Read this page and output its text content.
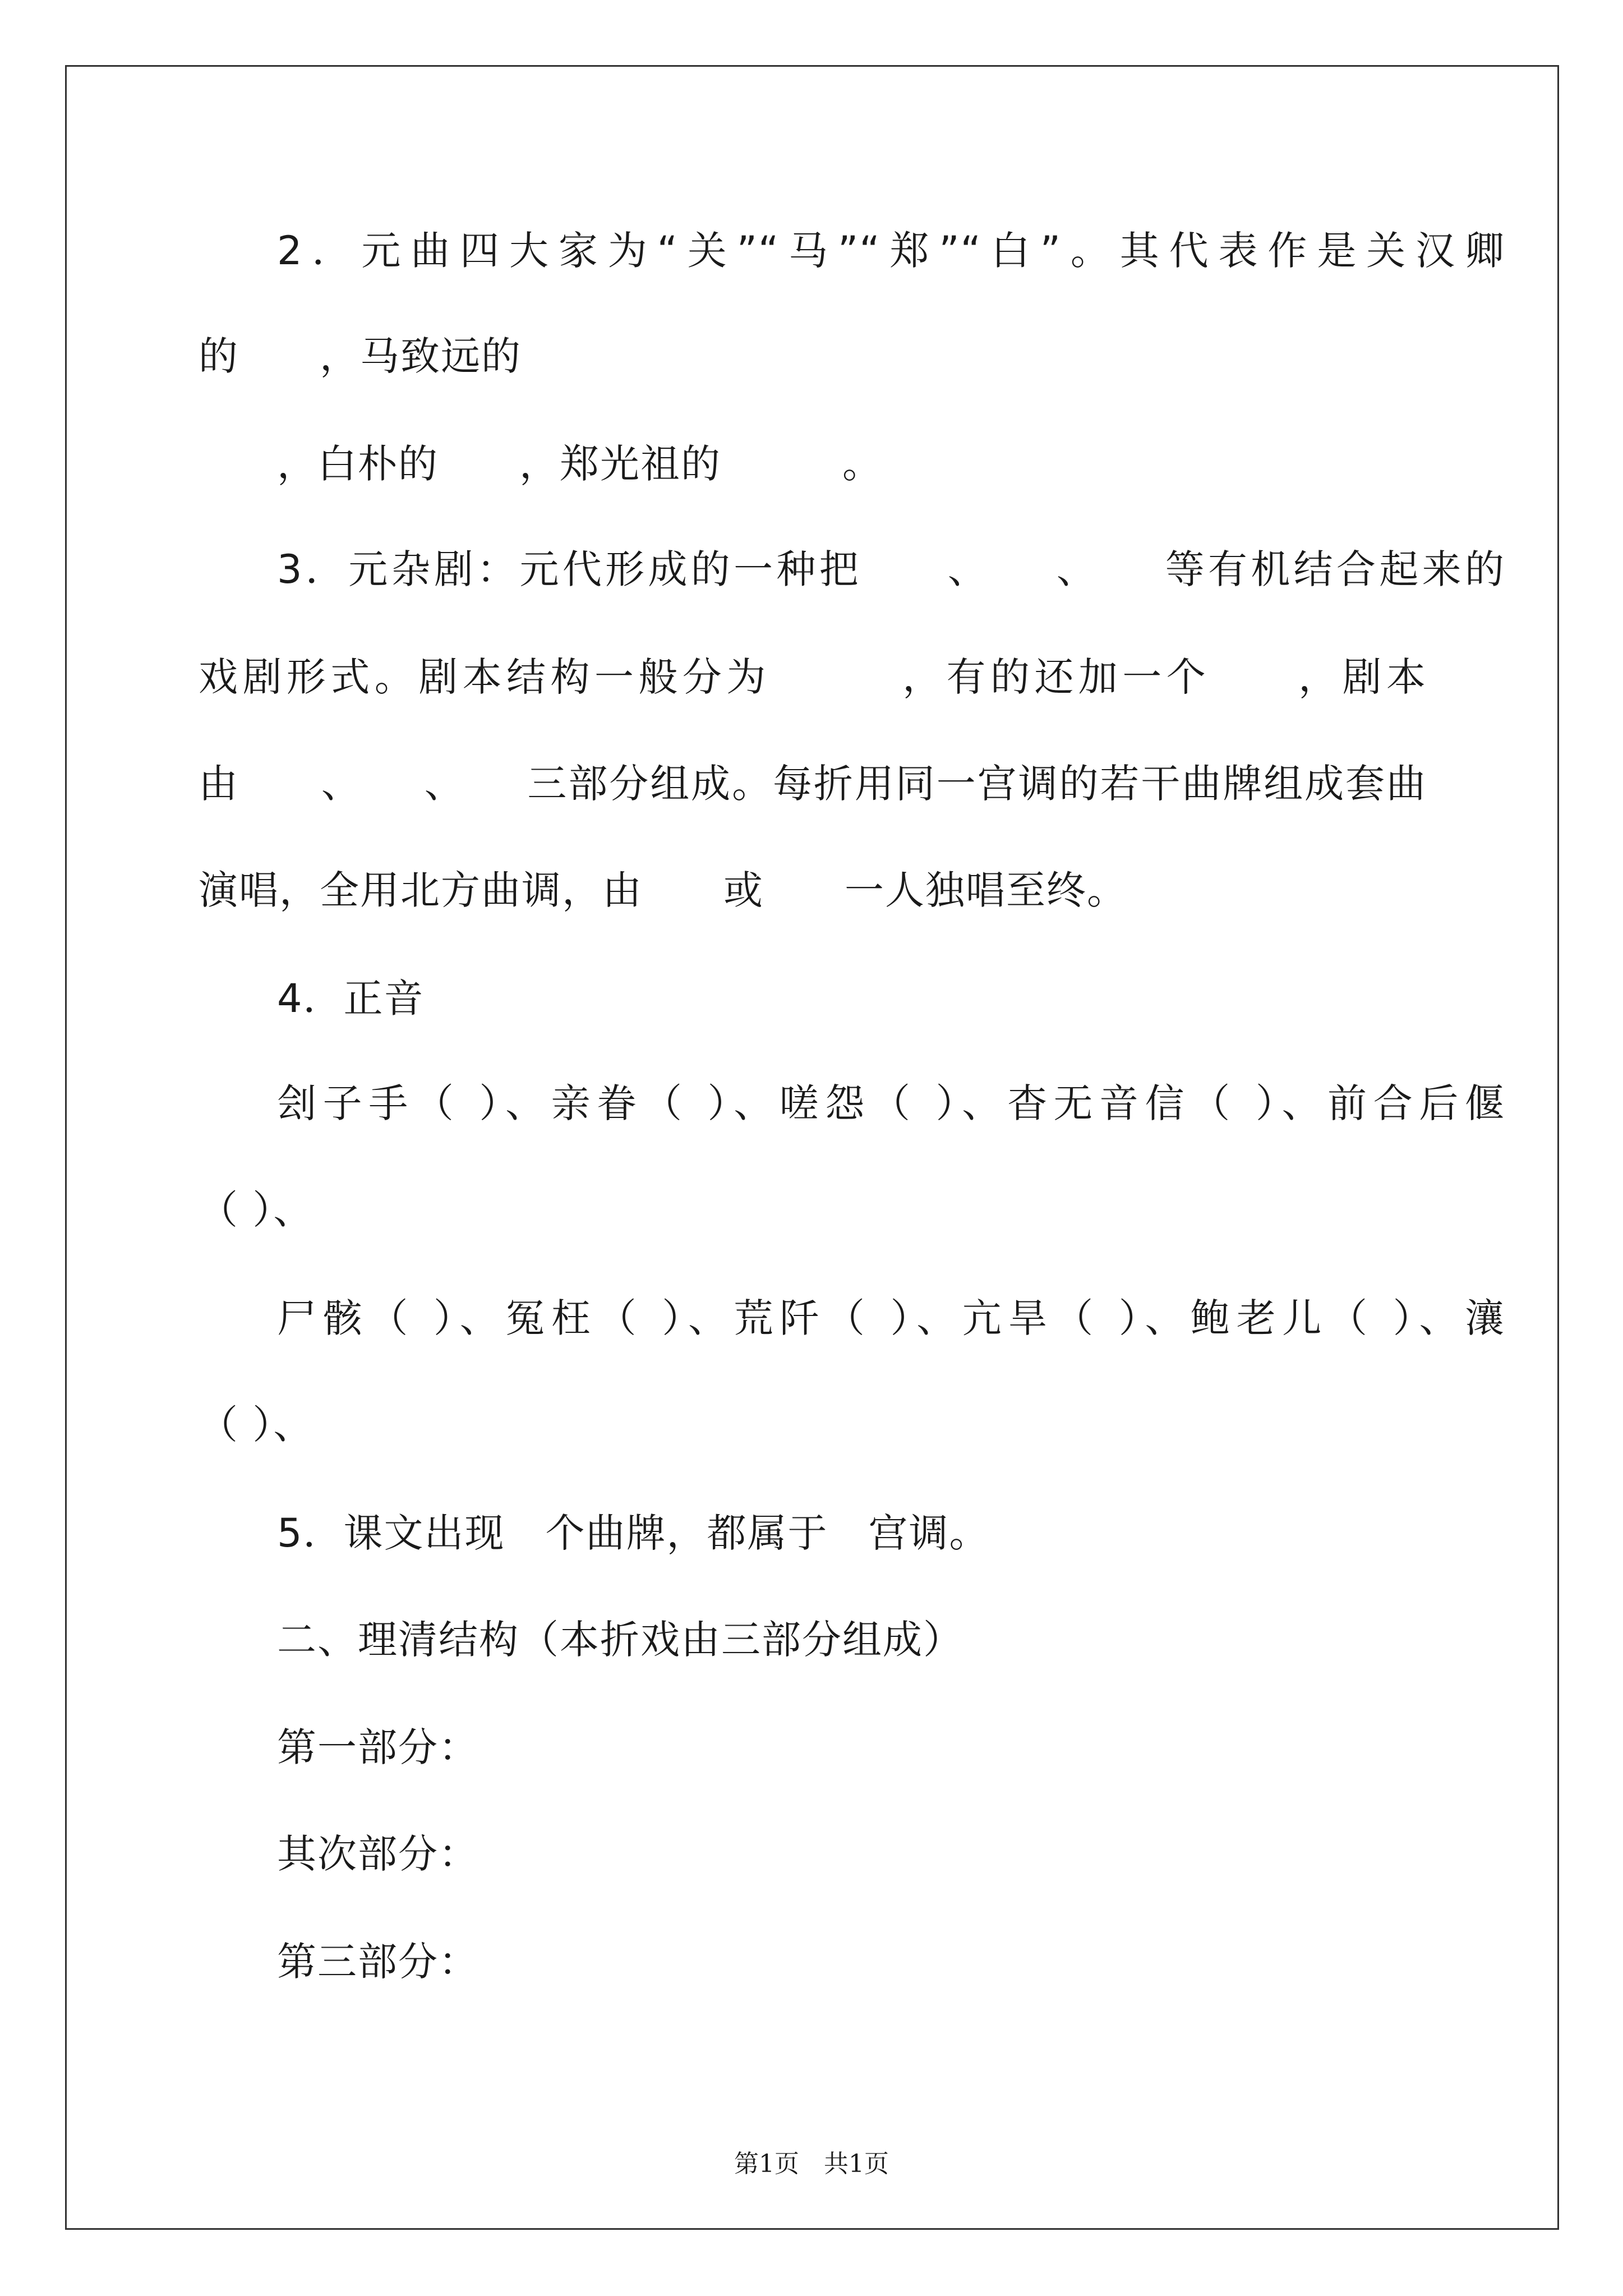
2．元曲四大家为“关”“马”“郑”“白”。其代表作是关汉卿
的　　，马致远的
，白朴的　　，郑光祖的　　　。
3．元杂剧：元代形成的一种把　　、　　、　　等有机结合起来的
戏剧形式。剧本结构一般分为　　　，有的还加一个　　，剧本
由　　、　　、　　三部分组成。每折用同一宫调的若干曲牌组成套曲
演唱，全用北方曲调，由　　或　　一人独唱至终。
4．正音
刽子手（ ）、亲眷（ ）、嗟怨（ ）、杳无音信（ ）、前合后偃
（ ）、
尸骸（ ）、冤枉（ ）、荒阡（ ）、亢旱（ ）、鲍老儿（ ）、瀼
（ ）、
5．课文出现　个曲牌，都属于　宫调。
二、理清结构（本折戏由三部分组成）
第一部分：
其次部分：
第三部分：
第1页　共1页
